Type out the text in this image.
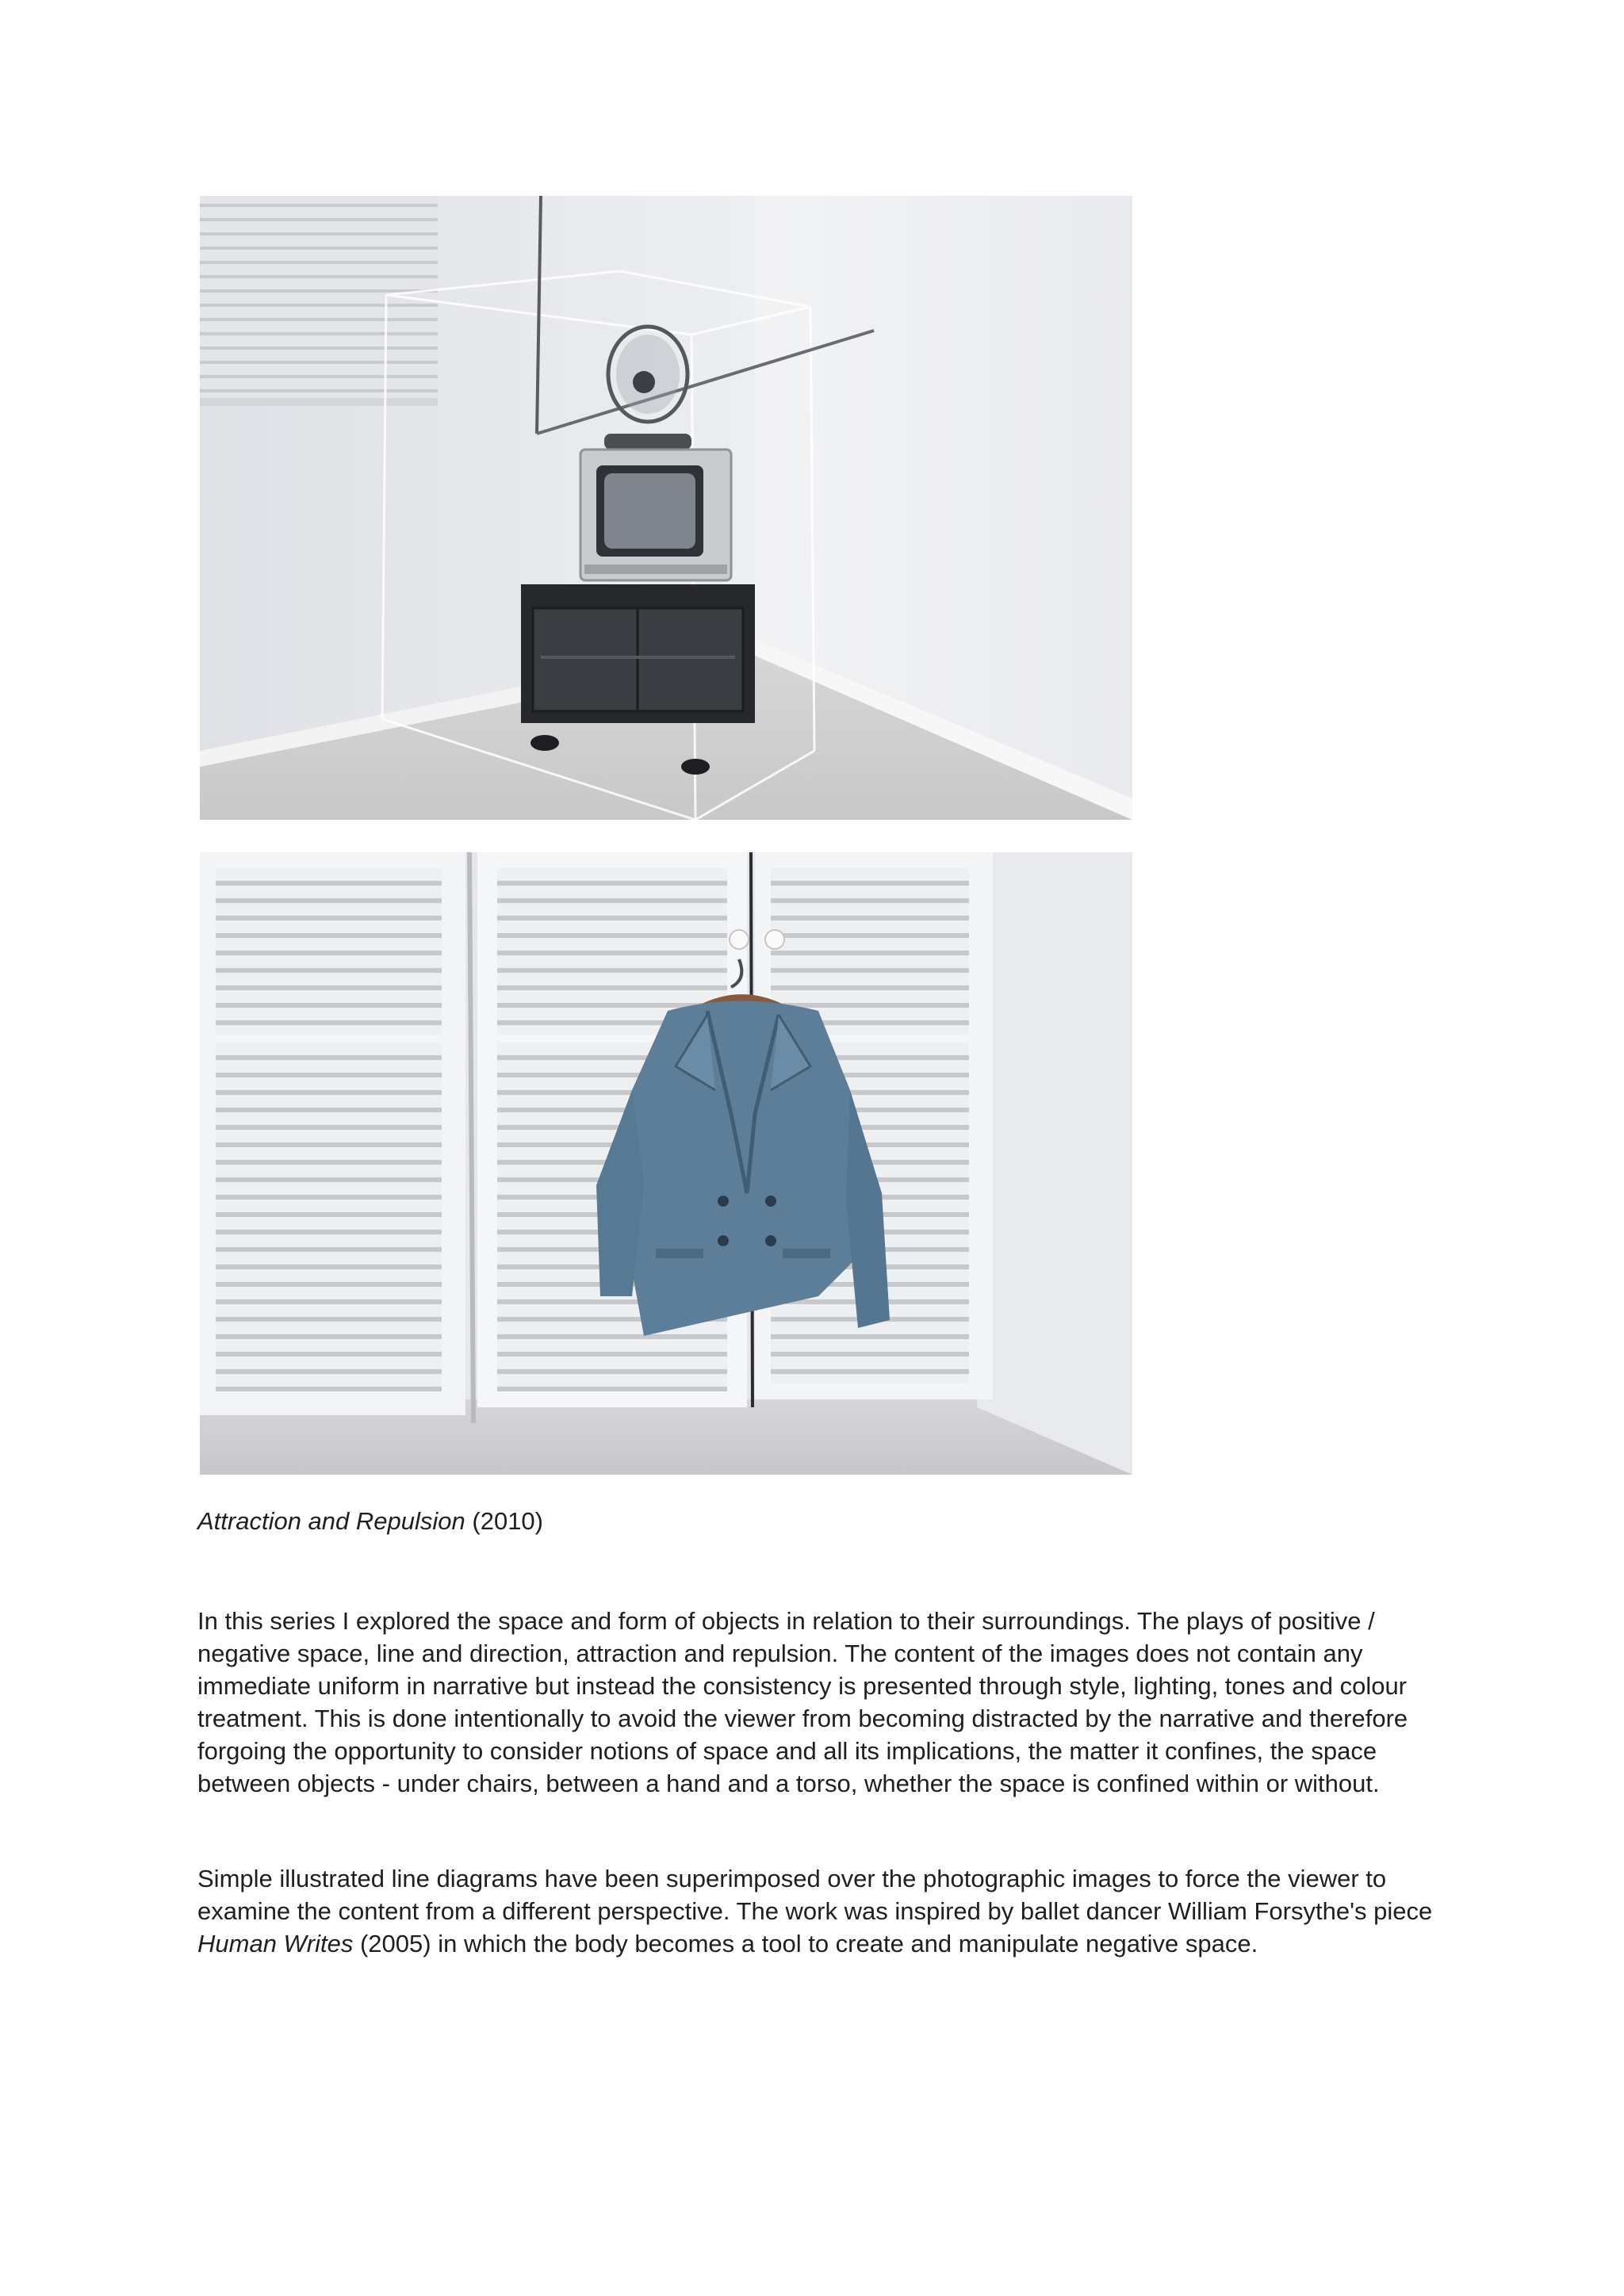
Attraction and Repulsion (2010)

In this series I explored the space and form of objects in relation to their surroundings. The plays of positive / negative space, line and direction, attraction and repulsion. The content of the images does not contain any immediate uniform in narrative but instead the consistency is presented through style, lighting, tones and colour treatment. This is done intentionally to avoid the viewer from becoming distracted by the narrative and therefore forgoing the opportunity to consider notions of space and all its implications, the matter it confines, the space between objects - under chairs, between a hand and a torso, whether the space is confined within or without.

Simple illustrated line diagrams have been superimposed over the photographic images to force the viewer to examine the content from a different perspective. The work was inspired by ballet dancer William Forsythe's piece Human Writes (2005) in which the body becomes a tool to create and manipulate negative space.
